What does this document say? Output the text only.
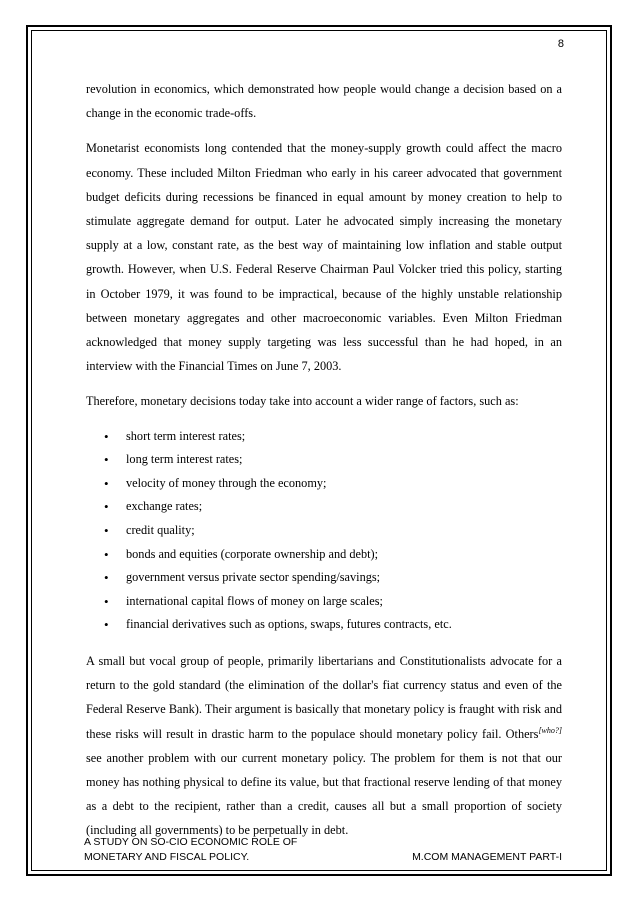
8

revolution in economics, which demonstrated how people would change a decision based on a change in the economic trade-offs.

Monetarist economists long contended that the money-supply growth could affect the macro economy. These included Milton Friedman who early in his career advocated that government budget deficits during recessions be financed in equal amount by money creation to help to stimulate aggregate demand for output. Later he advocated simply increasing the monetary supply at a low, constant rate, as the best way of maintaining low inflation and stable output growth. However, when U.S. Federal Reserve Chairman Paul Volcker tried this policy, starting in October 1979, it was found to be impractical, because of the highly unstable relationship between monetary aggregates and other macroeconomic variables. Even Milton Friedman acknowledged that money supply targeting was less successful than he had hoped, in an interview with the Financial Times on June 7, 2003.

Therefore, monetary decisions today take into account a wider range of factors, such as:

• short term interest rates;
• long term interest rates;
• velocity of money through the economy;
• exchange rates;
• credit quality;
• bonds and equities (corporate ownership and debt);
• government versus private sector spending/savings;
• international capital flows of money on large scales;
• financial derivatives such as options, swaps, futures contracts, etc.

A small but vocal group of people, primarily libertarians and Constitutionalists advocate for a return to the gold standard (the elimination of the dollar's fiat currency status and even of the Federal Reserve Bank). Their argument is basically that monetary policy is fraught with risk and these risks will result in drastic harm to the populace should monetary policy fail. Others[who?] see another problem with our current monetary policy. The problem for them is not that our money has nothing physical to define its value, but that fractional reserve lending of that money as a debt to the recipient, rather than a credit, causes all but a small proportion of society (including all governments) to be perpetually in debt.

A STUDY ON SO-CIO ECONOMIC ROLE OF
MONETARY AND FISCAL POLICY.	M.COM MANAGEMENT PART-I
